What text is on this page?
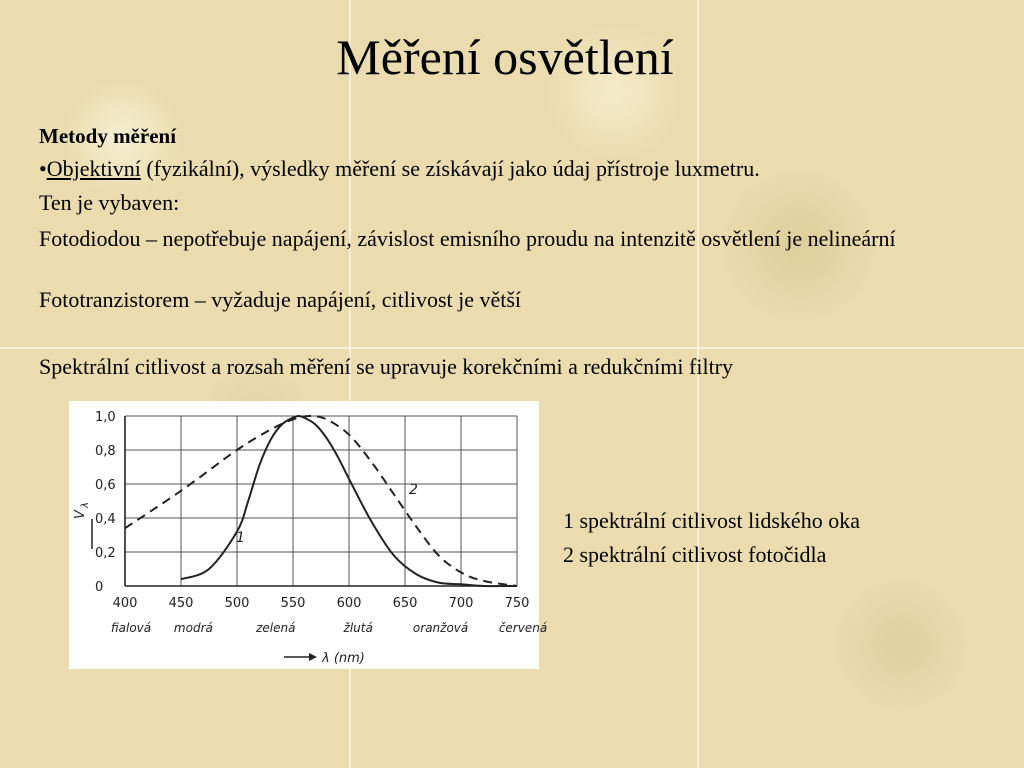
Měření osvětlení
Metody měření
•Objektivní (fyzikální), výsledky měření se získávají jako údaj přístroje luxmetru.
Ten je vybaven:
Fotodiodou – nepotřebuje napájení, závislost emisního proudu na intenzitě osvětlení je nelineární
Fototranzistorem – vyžaduje napájení, citlivost je větší
Spektrální citlivost a rozsah měření se upravuje korekčními a redukčními filtry
0
0,2
0,4
0,6
0,8
1,0
400 450 500 550 600 650 700 750
fialová modrá	zelená	žlutá	oranžová	červená
1
2
V
λ
λ (nm)
1 spektrální citlivost lidského oka
2 spektrální citlivost fotočidla
